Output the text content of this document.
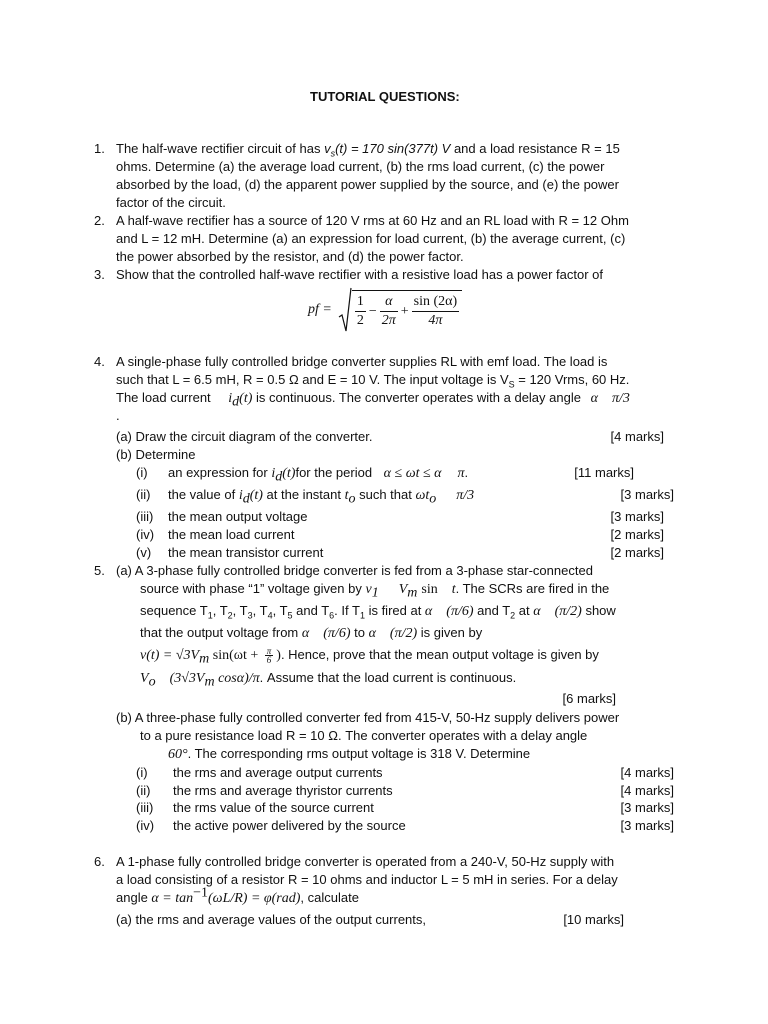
TUTORIAL QUESTIONS:
1. The half-wave rectifier circuit of has $v_s(t) = 170$ sin(377t) V and a load resistance R = 15
ohms. Determine (a) the average load current, (b) the rms load current, (c) the power
absorbed by the load, (d) the apparent power supplied by the source, and (e) the power
factor of the circuit.
2. A half-wave rectifier has a source of 120 V rms at 60 Hz and an RL load with R = 12 Ohm
and L = 12 mH. Determine (a) an expression for load current, (b) the average current, (c)
the power absorbed by the resistor, and (d) the power factor.
3. Show that the controlled half-wave rectifier with a resistive load has a power factor of
pf = $\frac{1}{2} - \frac{\alpha}{2\pi} + \frac{\sin (2\alpha)}{4\pi}$
4. A single-phase fully controlled bridge converter supplies RL with emf load. The load is
such that L = 6.5 mH, R = 0.5 Ω and E = 10 V. The input voltage is $V_S = 120$ Vrms, 60 Hz.
The load current $i_d(t)$ is continuous. The converter operates with a delay angle α π/3
.
(a) Draw the circuit diagram of the converter.	[4 marks]
(b) Determine
(i) an expression for $i_d(t)for$ the period α ≤ ωt ≤ α π.	[11 marks]
(ii) the value of $i_d(t)$ at the instant $t_o$ such that $\omega t_o$ π/3	[3 marks]
(iii) the mean output voltage	[3 marks]
(iv) the mean load current	[2 marks]
(v) the mean transistor current	[2 marks]
5. (a) A 3-phase fully controlled bridge converter is fed from a 3-phase star-connected
source with phase “1” voltage given by $v_1$ $V_m$ sin t. The SCRs are fired in the
sequence $T_1$, $T_2$, $T_3$, $T_4$, $T_5$ and $T_6$. If $T_1$ is fired at α (π/6) and $T_2$ at α (π/2) show
that the output voltage from α (π/6) to α (π/2) is given by
$v(t) = √3V_m$ $\sin(\omega t + \frac{\pi}{6}$ ). Hence, prove that the mean output voltage is given by
$V_o$ ($3√3V_m$ cosα)/π. Assume that the load current is continuous.
[6 marks]
(b) A three-phase fully controlled converter fed from 415-V, 50-Hz supply delivers power
to a pure resistance load R = 10 Ω. The converter operates with a delay angle
60°. The corresponding rms output voltage is 318 V. Determine
(i) the rms and average output currents	[4 marks]
(ii) the rms and average thyristor currents	[4 marks]
(iii) the rms value of the source current	[3 marks]
(iv) the active power delivered by the source	[3 marks]
6. A 1-phase fully controlled bridge converter is operated from a 240-V, 50-Hz supply with
a load consisting of a resistor R = 10 ohms and inductor L = 5 mH in series. For a delay
angle $\alpha = \tan^{-1}(\omega L/R) = \varphi(rad)$, calculate
(a) the rms and average values of the output currents,	[10 marks]
